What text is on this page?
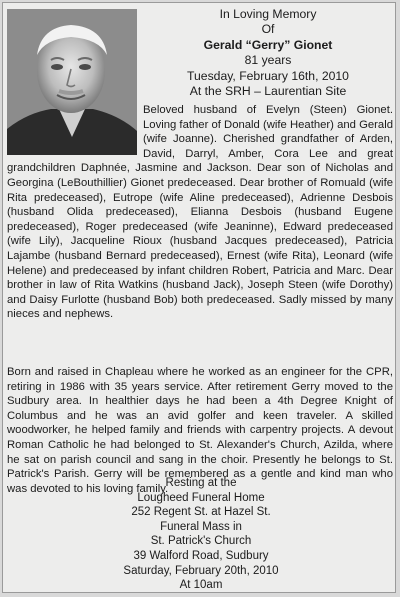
In Loving Memory
Of
Gerald “Gerry” Gionet
81 years
Tuesday, February 16th, 2010
At the SRH – Laurentian Site
Beloved husband of Evelyn (Steen) Gionet. Loving father of Donald (wife Heather) and Gerald (wife Joanne). Cherished grandfather of Arden, David, Darryl, Amber, Cora Lee and great grandchildren Daphnée, Jasmine and Jackson. Dear son of Nicholas and Georgina (LeBouthillier) Gionet predeceased. Dear brother of Romuald (wife Rita predeceased), Eutrope (wife Aline predeceased), Adrienne Desbois (husband Olida predeceased), Elianna Desbois (husband Eugene predeceased), Roger predeceased (wife Jeaninne), Edward predeceased (wife Lily), Jacqueline Rioux (husband Jacques predeceased), Patricia Lajambe (husband Bernard predeceased), Ernest (wife Rita), Leonard (wife Helene) and predeceased by infant children Robert, Patricia and Marc. Dear brother in law of Rita Watkins (husband Jack), Joseph Steen (wife Dorothy) and Daisy Furlotte (husband Bob) both predeceased. Sadly missed by many nieces and nephews.
Born and raised in Chapleau where he worked as an engineer for the CPR, retiring in 1986 with 35 years service. After retirement Gerry moved to the Sudbury area. In healthier days he had been a 4th Degree Knight of Columbus and he was an avid golfer and keen traveler. A skilled woodworker, he helped family and friends with carpentry projects. A devout Roman Catholic he had belonged to St. Alexander's Church, Azilda, where he sat on parish council and sang in the choir. Presently he belongs to St. Patrick's Parish. Gerry will be remembered as a gentle and kind man who was devoted to his loving family.
Resting at the
Lougheed Funeral Home
252 Regent St. at Hazel St.
Funeral Mass in
St. Patrick's Church
39 Walford Road, Sudbury
Saturday, February 20th, 2010
At 10am
